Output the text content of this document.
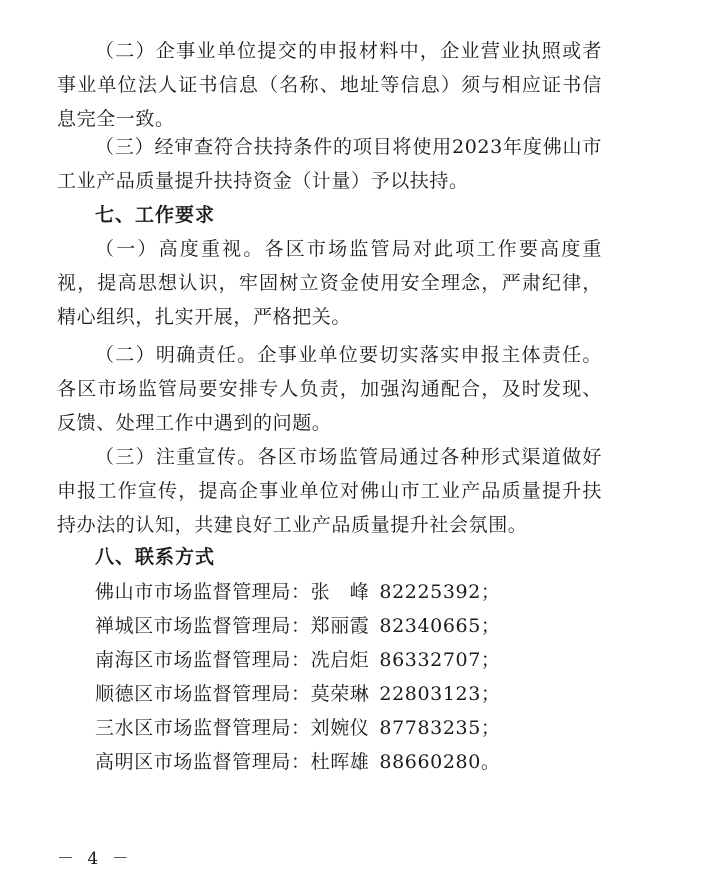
（二）企事业单位提交的申报材料中，企业营业执照或者事业单位法人证书信息（名称、地址等信息）须与相应证书信息完全一致。

（三）经审查符合扶持条件的项目将使用2023年度佛山市工业产品质量提升扶持资金（计量）予以扶持。

七、工作要求

（一）高度重视。各区市场监管局对此项工作要高度重视，提高思想认识，牢固树立资金使用安全理念，严肃纪律，精心组织，扎实开展，严格把关。

（二）明确责任。企事业单位要切实落实申报主体责任。各区市场监管局要安排专人负责，加强沟通配合，及时发现、反馈、处理工作中遇到的问题。

（三）注重宣传。各区市场监管局通过各种形式渠道做好申报工作宣传，提高企事业单位对佛山市工业产品质量提升扶持办法的认知，共建良好工业产品质量提升社会氛围。

八、联系方式

佛山市市场监督管理局：张　峰 82225392；

禅城区市场监督管理局：郑丽霞 82340665；

南海区市场监督管理局：冼启炬 86332707；

顺德区市场监督管理局：莫荣琳 22803123；

三水区市场监督管理局：刘婉仪 87783235；

高明区市场监督管理局：杜晖雄 88660280。

－ 4 －
